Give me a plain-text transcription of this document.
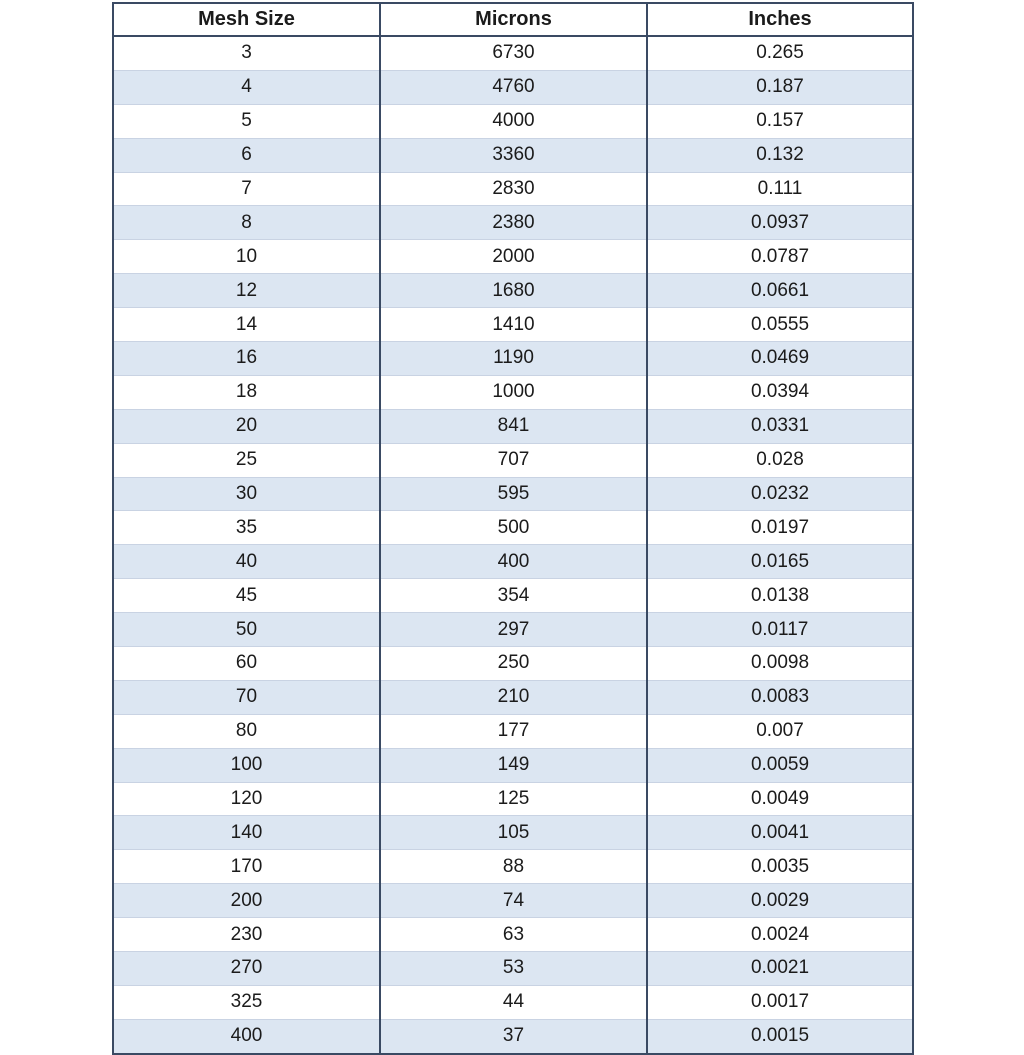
Mesh Size	Microns	Inches
3	6730	0.265
4	4760	0.187
5	4000	0.157
6	3360	0.132
7	2830	0.111
8	2380	0.0937
10	2000	0.0787
12	1680	0.0661
14	1410	0.0555
16	1190	0.0469
18	1000	0.0394
20	841	0.0331
25	707	0.028
30	595	0.0232
35	500	0.0197
40	400	0.0165
45	354	0.0138
50	297	0.0117
60	250	0.0098
70	210	0.0083
80	177	0.007
100	149	0.0059
120	125	0.0049
140	105	0.0041
170	88	0.0035
200	74	0.0029
230	63	0.0024
270	53	0.0021
325	44	0.0017
400	37	0.0015
